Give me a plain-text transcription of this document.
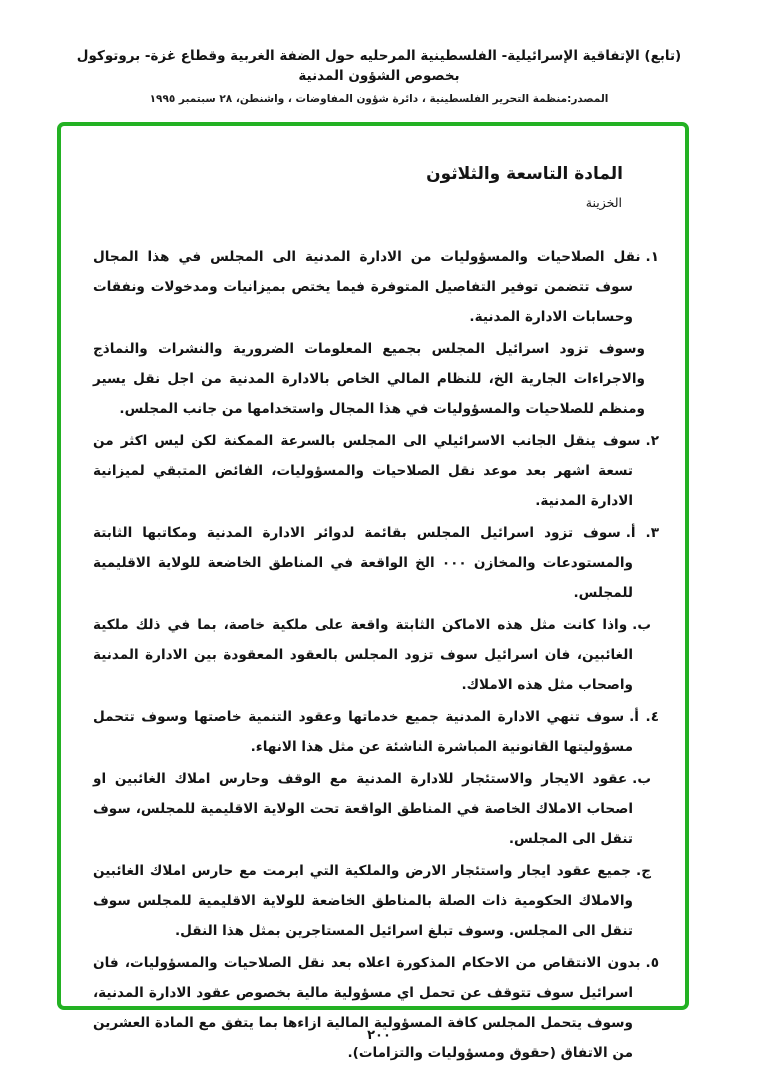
(تابع) الإتفاقية الإسرائيلية- الفلسطينية المرحليه حول الضفة الغربية وقطاع غزة- بروتوكول بخصوص الشؤون المدنية
المصدر:منظمة التحرير الفلسطينية ، دائرة شؤون المفاوضات ، واشنطن، ٢٨ سبتمبر ١٩٩٥
المادة التاسعة والثلاثون
الخزينة

١.نقل الصلاحيات والمسؤوليات من الادارة المدنية الى المجلس في هذا المجال سوف تتضمن توفير التفاصيل المتوفرة فيما يختص بميزانيات ومدخولات ونفقات وحسابات الادارة المدنية.

وسوف تزود اسرائيل المجلس بجميع المعلومات الضرورية والنشرات والنماذج والاجراءات الجارية الخ، للنظام المالي الخاص بالادارة المدنية من اجل نقل يسير ومنظم للصلاحيات والمسؤوليات في هذا المجال واستخدامها من جانب المجلس.

٢.سوف ينقل الجانب الاسرائيلي الى المجلس بالسرعة الممكنة لكن ليس اكثر من تسعة اشهر بعد موعد نقل الصلاحيات والمسؤوليات، الفائض المتبقي لميزانية الادارة المدنية.

٣. أ.سوف تزود اسرائيل المجلس بقائمة لدوائر الادارة المدنية ومكاتبها الثابتة والمستودعات والمخازن ٠٠٠ الخ الواقعة في المناطق الخاضعة للولاية الاقليمية للمجلس.

ب.واذا كانت مثل هذه الاماكن الثابتة واقعة على ملكية خاصة، بما في ذلك ملكية الغائبين، فان اسرائيل سوف تزود المجلس بالعقود المعقودة بين الادارة المدنية واصحاب مثل هذه الاملاك.

٤. أ.سوف تنهي الادارة المدنية جميع خدماتها وعقود التنمية خاصتها وسوف تتحمل مسؤوليتها القانونية المباشرة الناشئة عن مثل هذا الانهاء.

ب.عقود الايجار والاستئجار للادارة المدنية مع الوقف وحارس املاك الغائبين او اصحاب الاملاك الخاصة في المناطق الواقعة تحت الولاية الاقليمية للمجلس، سوف تنقل الى المجلس.

ج.جميع عقود ايجار واستئجار الارض والملكية التي ابرمت مع حارس املاك الغائبين والاملاك الحكومية ذات الصلة بالمناطق الخاضعة للولاية الاقليمية للمجلس سوف تنقل الى المجلس. وسوف تبلغ اسرائيل المستاجرين بمثل هذا النقل.

٥.بدون الانتقاص من الاحكام المذكورة اعلاه بعد نقل الصلاحيات والمسؤوليات، فان اسرائيل سوف تتوقف عن تحمل اي مسؤولية مالية بخصوص عقود الادارة المدنية، وسوف يتحمل المجلس كافة المسؤولية المالية ازاءها بما يتفق مع المادة العشرين من الاتفاق (حقوق ومسؤوليات والتزامات).

٢٠٠
